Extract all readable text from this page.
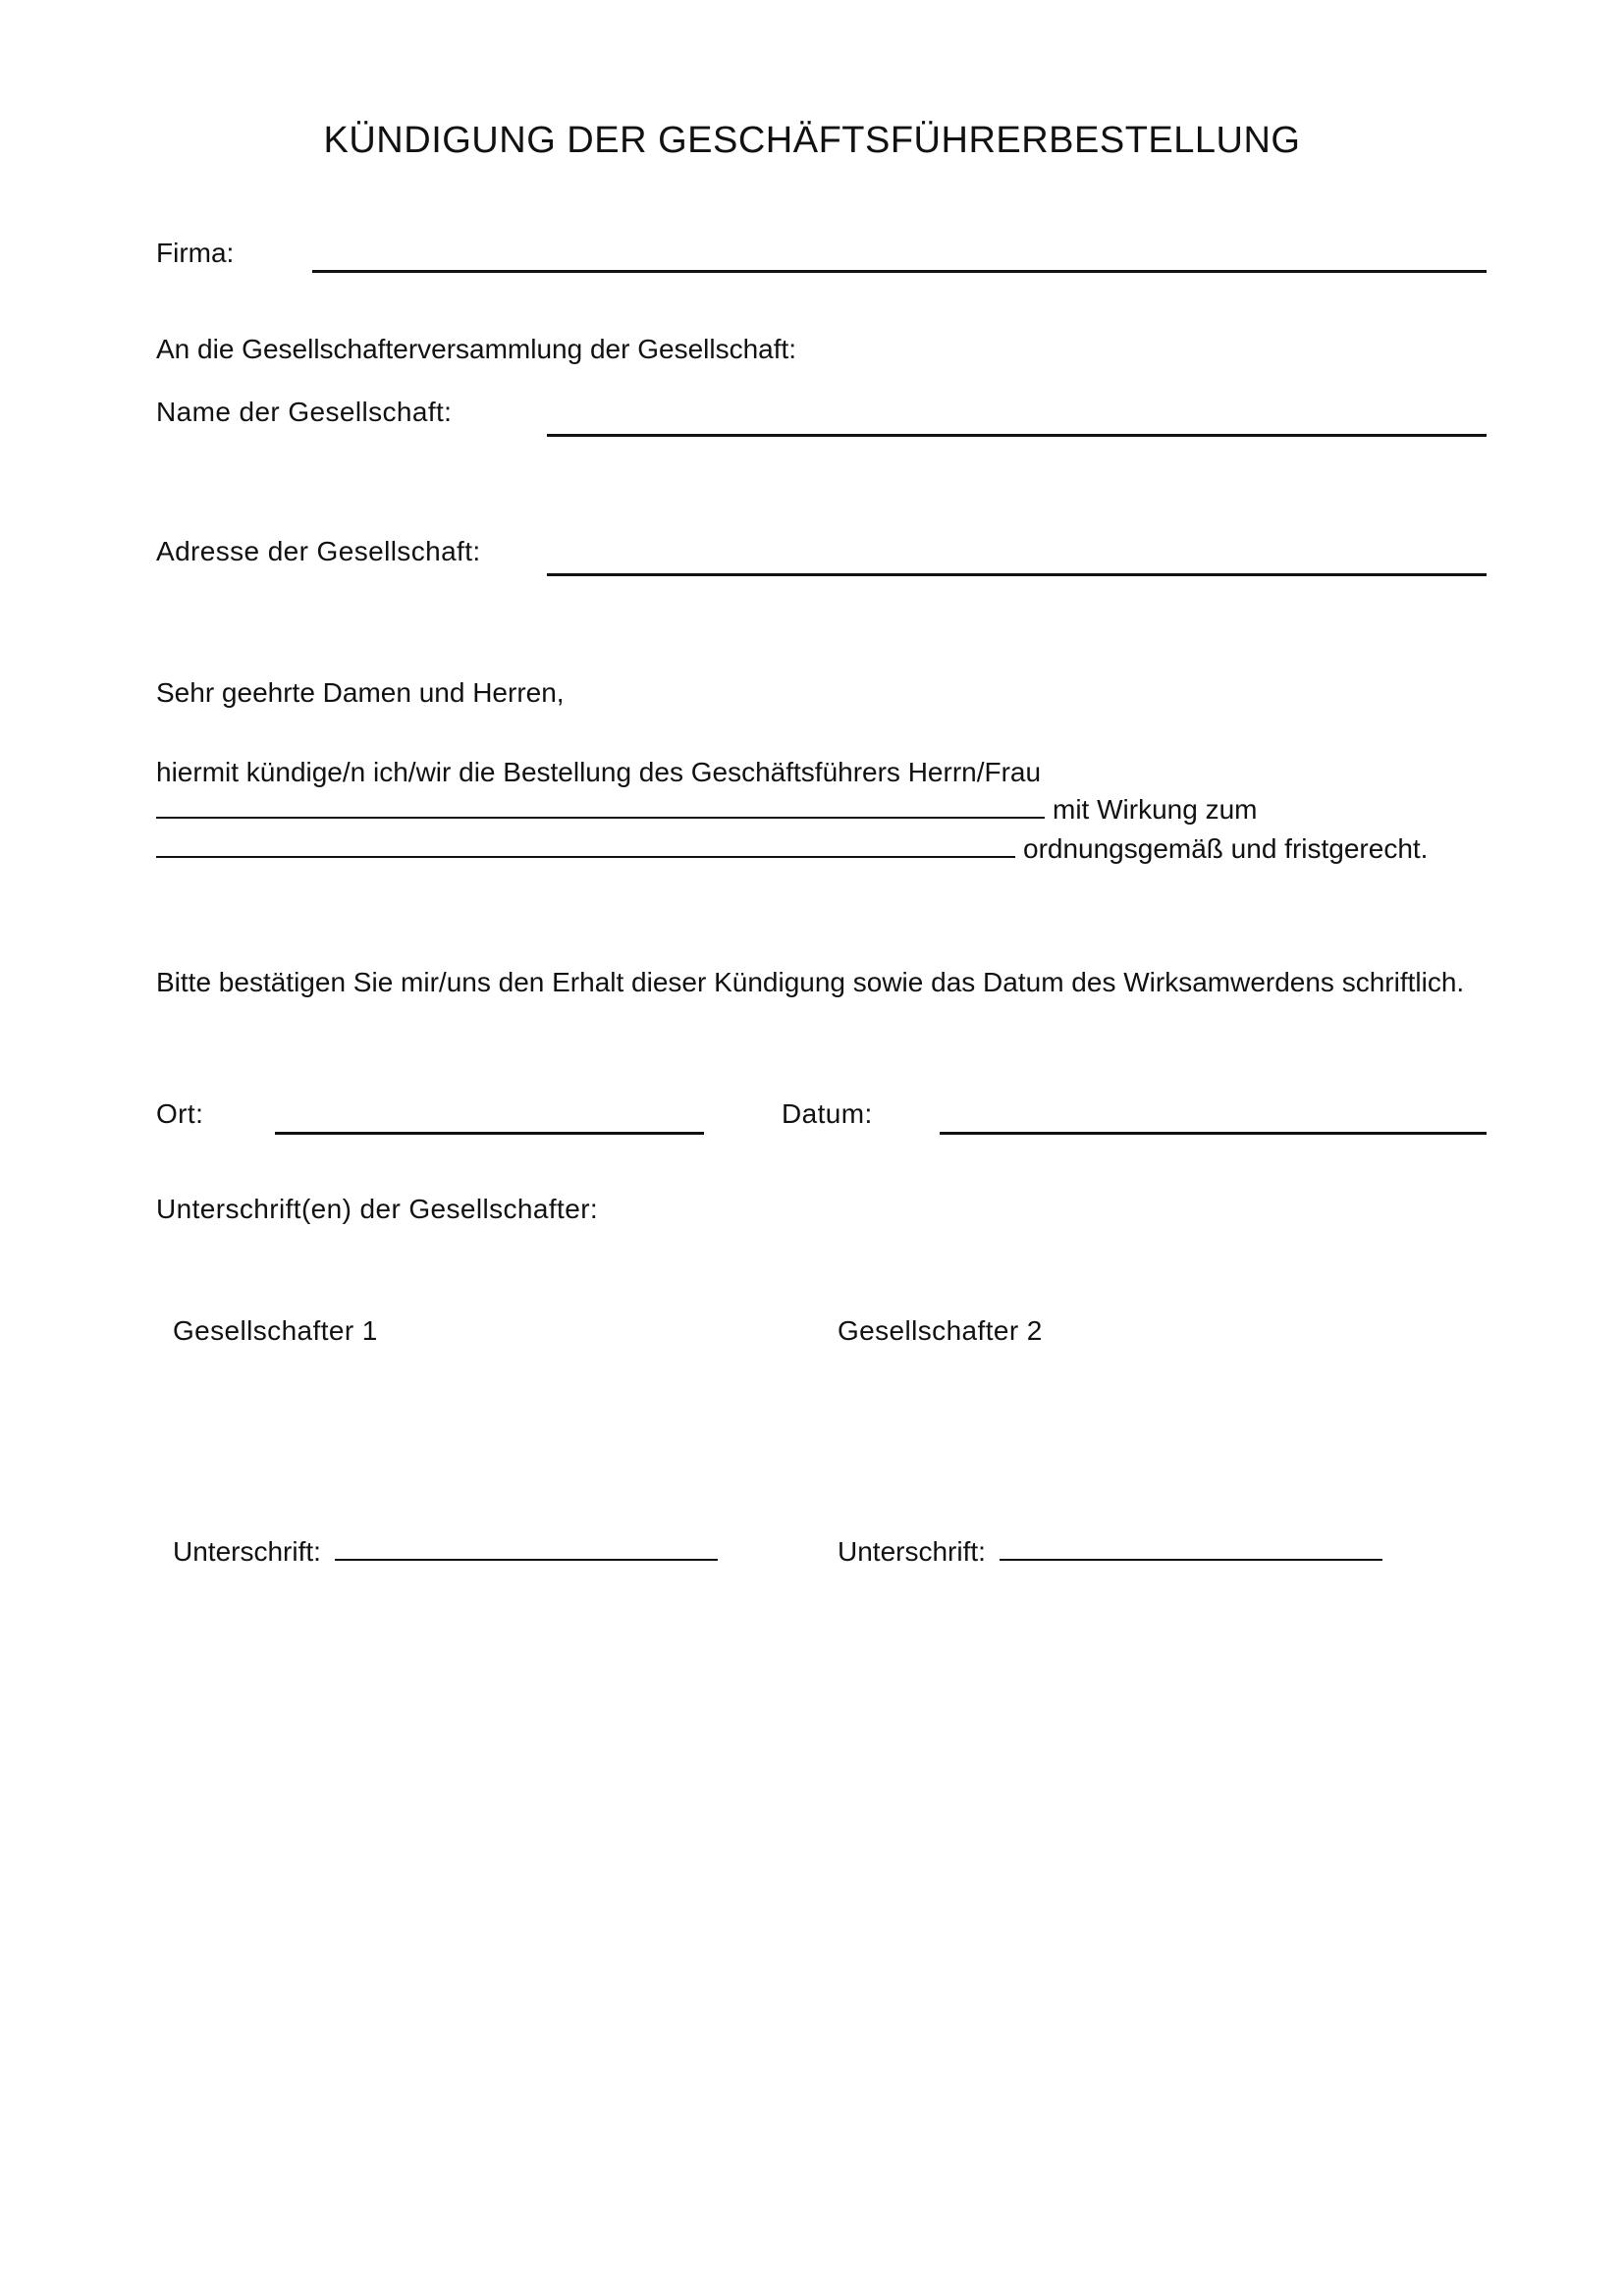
KÜNDIGUNG DER GESCHÄFTSFÜHRERBESTELLUNG
Firma:
An die Gesellschafterversammlung der Gesellschaft:
Name der Gesellschaft:
Adresse der Gesellschaft:
Sehr geehrte Damen und Herren,
hiermit kündige/n ich/wir die Bestellung des Geschäftsführers Herrn/Frau
mit Wirkung zum
ordnungsgemäß und fristgerecht.
Bitte bestätigen Sie mir/uns den Erhalt dieser Kündigung sowie das Datum des Wirksamwerdens schriftlich.
Ort:	Datum:
Unterschrift(en) der Gesellschafter:
Gesellschafter 1
Unterschrift:
Gesellschafter 2
Unterschrift:
